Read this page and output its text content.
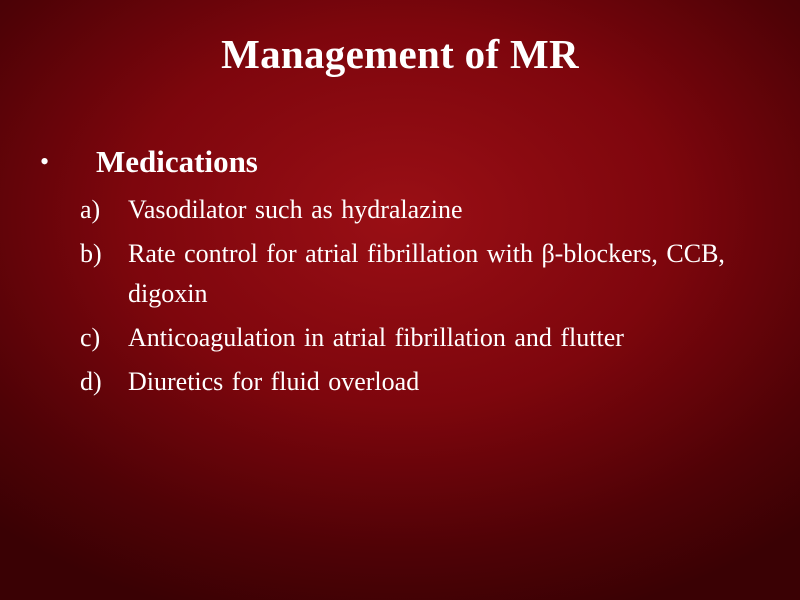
Management of MR
•	Medications
a)	Vasodilator such as hydralazine
b)	Rate control for atrial fibrillation with β-blockers, CCB, digoxin
c)	Anticoagulation in atrial fibrillation and flutter
d)	Diuretics for fluid overload
